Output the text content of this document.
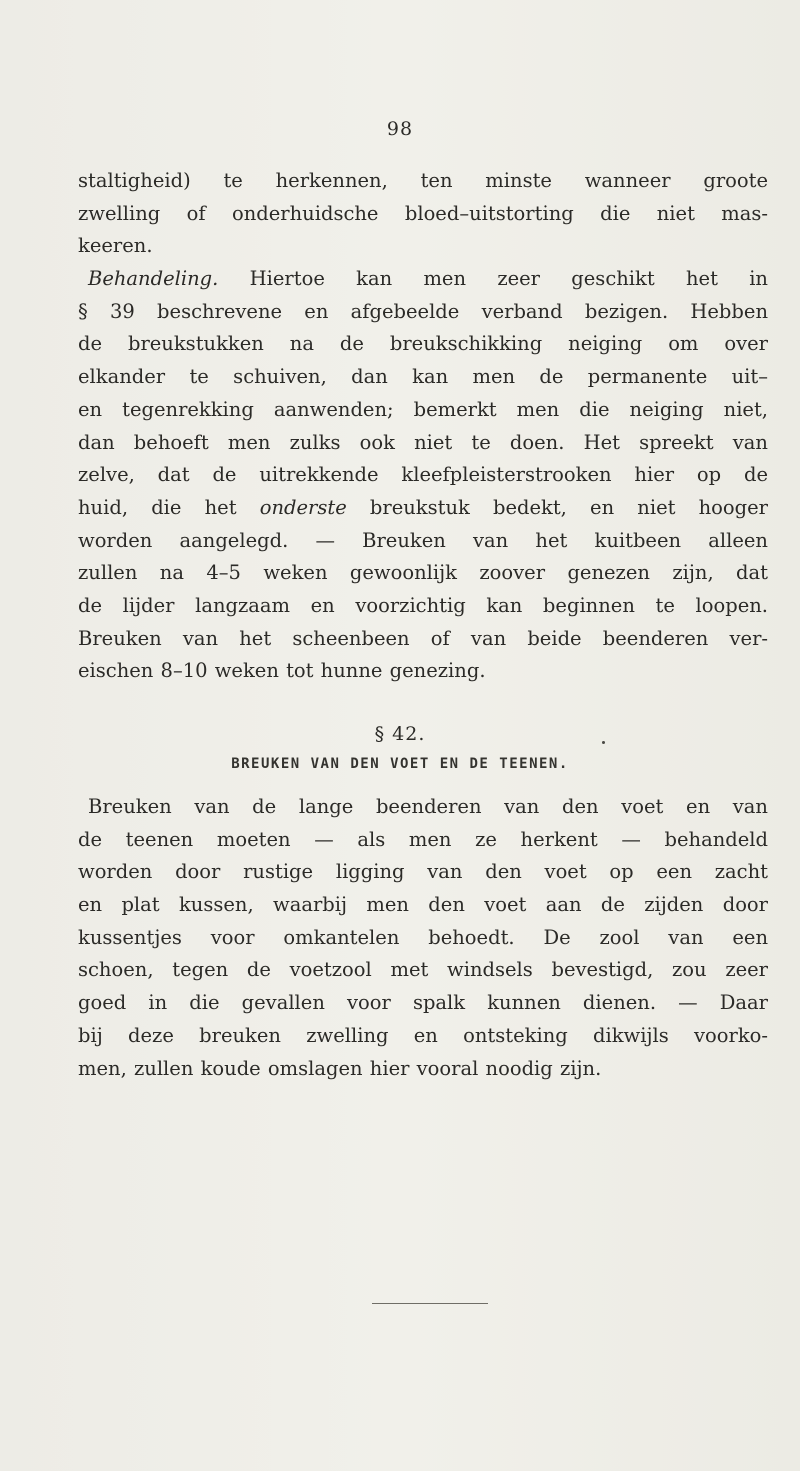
98
staltigheid) te herkennen, ten minste wanneer groote
zwelling of onderhuidsche bloed–uitstorting die niet mas-
keeren.
Behandeling. Hiertoe kan men zeer geschikt het in
§ 39 beschrevene en afgebeelde verband bezigen. Hebben
de breukstukken na de breukschikking neiging om over
elkander te schuiven, dan kan men de permanente uit–
en tegenrekking aanwenden; bemerkt men die neiging niet,
dan behoeft men zulks ook niet te doen. Het spreekt van
zelve, dat de uitrekkende kleefpleisterstrooken hier op de
huid, die het onderste breukstuk bedekt, en niet hooger
worden aangelegd. — Breuken van het kuitbeen alleen
zullen na 4–5 weken gewoonlijk zoover genezen zijn, dat
de lijder langzaam en voorzichtig kan beginnen te loopen.
Breuken van het scheenbeen of van beide beenderen ver-
eischen 8–10 weken tot hunne genezing.
§ 42.
BREUKEN VAN DEN VOET EN DE TEENEN.
Breuken van de lange beenderen van den voet en van
de teenen moeten — als men ze herkent — behandeld
worden door rustige ligging van den voet op een zacht
en plat kussen, waarbij men den voet aan de zijden door
kussentjes voor omkantelen behoedt. De zool van een
schoen, tegen de voetzool met windsels bevestigd, zou zeer
goed in die gevallen voor spalk kunnen dienen. — Daar
bij deze breuken zwelling en ontsteking dikwijls voorko-
men, zullen koude omslagen hier vooral noodig zijn.
